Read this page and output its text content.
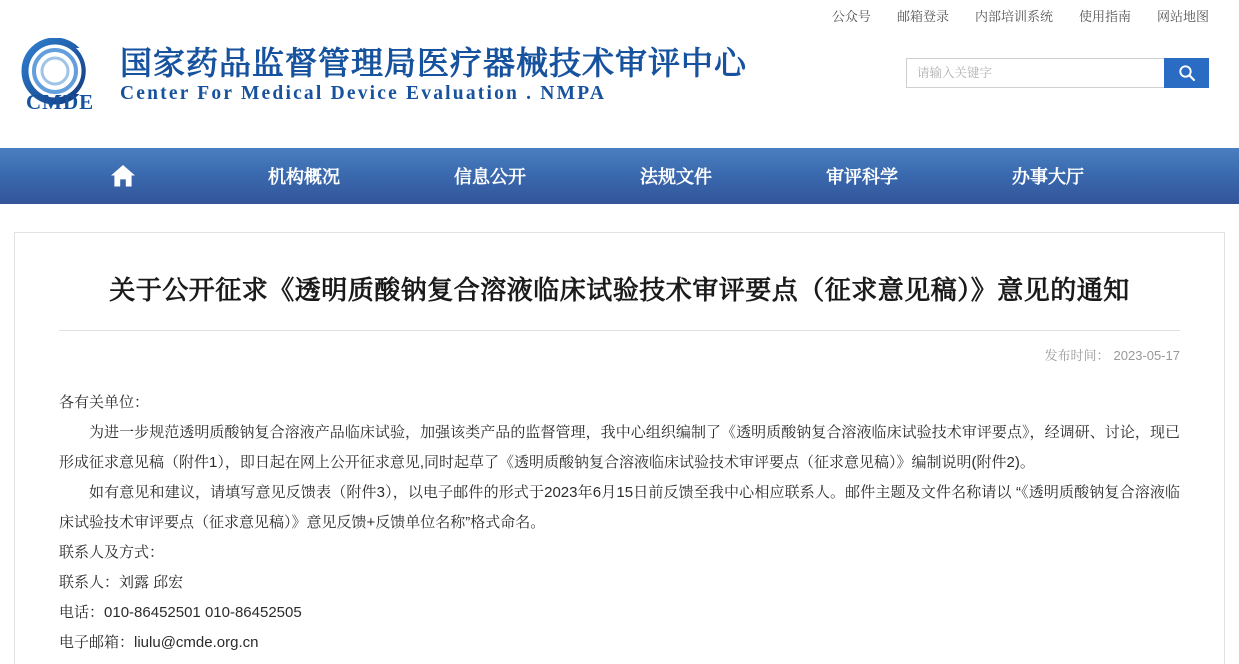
公众号 邮箱登录 内部培训系统 使用指南 网站地图
CMDE
国家药品监督管理局医疗器械技术审评中心
Center For Medical Device Evaluation . NMPA
请输入关键字
机构概况	信息公开	法规文件	审评科学	办事大厅
关于公开征求《透明质酸钠复合溶液临床试验技术审评要点（征求意见稿）》意见的通知
发布时间： 2023-05-17

各有关单位：

为进一步规范透明质酸钠复合溶液产品临床试验，加强该类产品的监督管理，我中心组织编制了《透明质酸钠复合溶液临床试验技术审评要点》，经调研、讨论，现已形成征求意见稿（附件1），即日起在网上公开征求意见,同时起草了《透明质酸钠复合溶液临床试验技术审评要点（征求意见稿）》编制说明(附件2)。

如有意见和建议，请填写意见反馈表（附件3），以电子邮件的形式于2023年6月15日前反馈至我中心相应联系人。邮件主题及文件名称请以 “《透明质酸钠复合溶液临床试验技术审评要点（征求意见稿）》意见反馈+反馈单位名称”格式命名。

联系人及方式：

联系人：刘露 邱宏

电话：010-86452501 010-86452505

电子邮箱：liulu@cmde.org.cn
